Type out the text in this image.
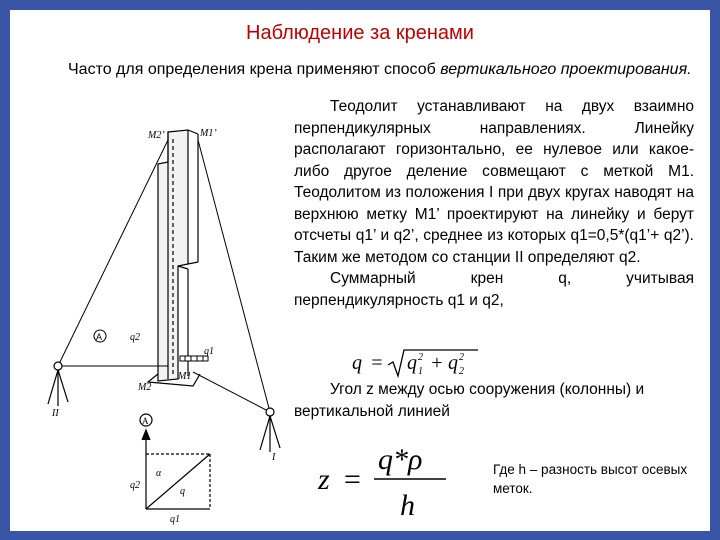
Наблюдение за кренами
Часто для определения крена применяют способ вертикального проектирования.

Теодолит устанавливают на двух взаимно перпендикулярных направлениях. Линейку располагают горизонтально, ее нулевое или какое-либо другое деление совмещают с меткой М1. Теодолитом из положения I при двух кругах наводят на верхнюю метку М1’ проектируют на линейку и берут отсчеты q1’ и q2’, среднее из которых q1=0,5*(q1’+ q2’). Таким же методом со станции II определяют q2.

Суммарный	крен	q,	учитывая

перпендикулярность q1 и q2,

q = q 2
1 + q 2
2

Угол z между осью сооружения (колонны) и вертикальной линией

z =
q*ρ
h
Где h – разность высот осевых меток.
A
M2’	M1’
M2
M1
q2
q1
II
I
A
α
q
q2
q1
